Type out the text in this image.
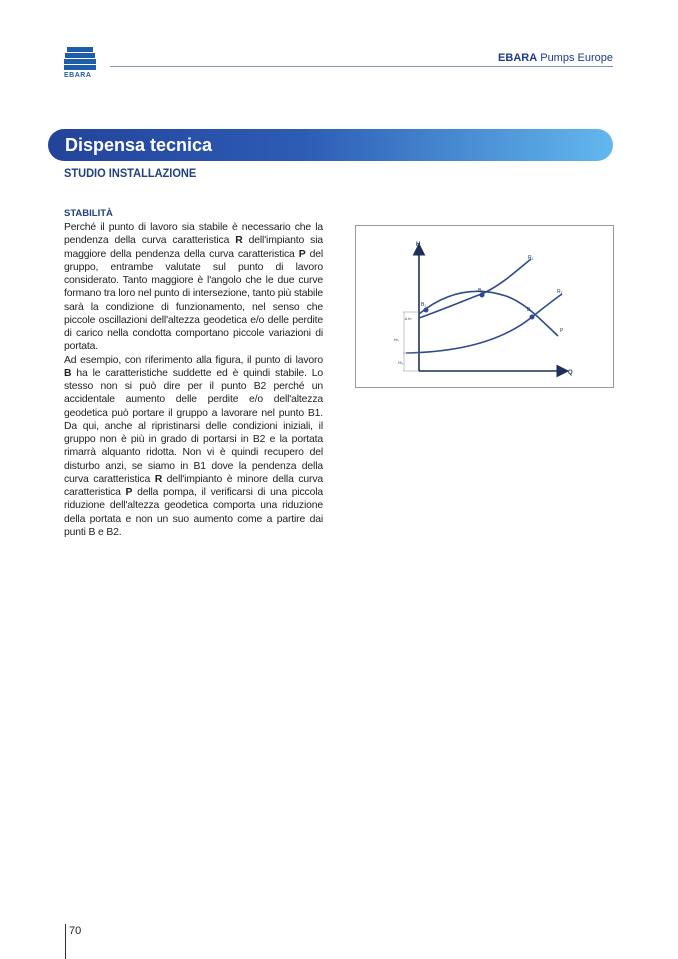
EBARA
EBARA Pumps Europe
Dispensa tecnica
STUDIO INSTALLAZIONE
STABILITÀ

Perché il punto di lavoro sia stabile è necessario che la pendenza della curva caratteristica R dell'impianto sia maggiore della pendenza della curva caratteristica P del gruppo, entrambe valutate sul punto di lavoro considerato. Tanto maggiore è l'angolo che le due curve formano tra loro nel punto di intersezione, tanto più stabile sarà la condizione di funzionamento, nel senso che piccole oscillazioni dell'altezza geodetica e/o delle perdite di carico nella condotta comportano piccole variazioni di portata.

Ad esempio, con riferimento alla figura, il punto di lavoro B ha le caratteristiche suddette ed è quindi stabile. Lo stesso non si può dire per il punto B2 perché un accidentale aumento delle perdite e/o dell'altezza geodetica può portare il gruppo a lavorare nel punto B1. Da qui, anche al ripristinarsi delle condizioni iniziali, il gruppo non è più in grado di portarsi in B2 e la portata rimarrà alquanto ridotta. Non vi è quindi recupero del disturbo anzi, se siamo in B1 dove la pendenza della curva caratteristica R dell'impianto è minore della curva caratteristica P della pompa, il verificarsi di una piccola riduzione dell'altezza geodetica comporta una riduzione della portata e non un suo aumento come a partire dai punti B e B2.

H
Q
B₁
B₂
B
R₁
R₂
P
Δ hᵍ
Hᵍ₁
Hᵍ₂
70
